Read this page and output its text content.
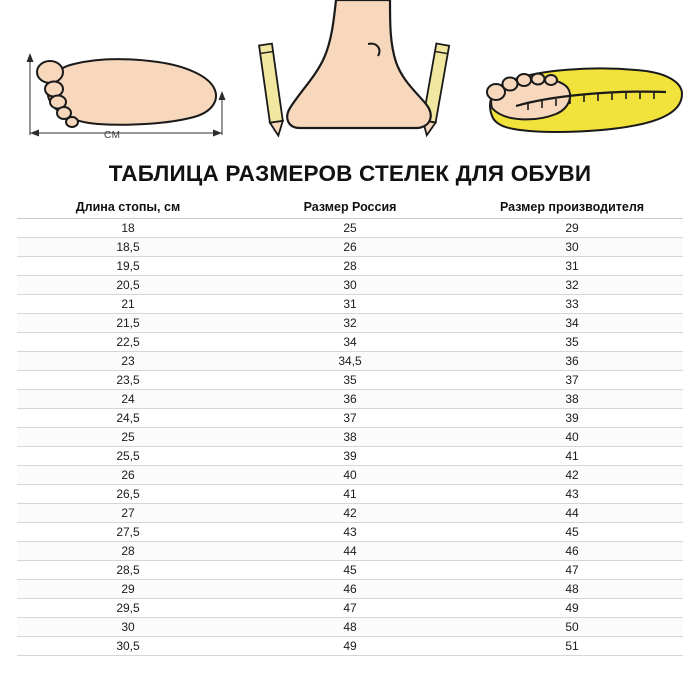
СМ
ТАБЛИЦА РАЗМЕРОВ СТЕЛЕК ДЛЯ ОБУВИ
Длина стопы, см	Размер Россия	Размер производителя
18	25	29
18,5	26	30
19,5	28	31
20,5	30	32
21	31	33
21,5	32	34
22,5	34	35
23	34,5	36
23,5	35	37
24	36	38
24,5	37	39
25	38	40
25,5	39	41
26	40	42
26,5	41	43
27	42	44
27,5	43	45
28	44	46
28,5	45	47
29	46	48
29,5	47	49
30	48	50
30,5	49	51
